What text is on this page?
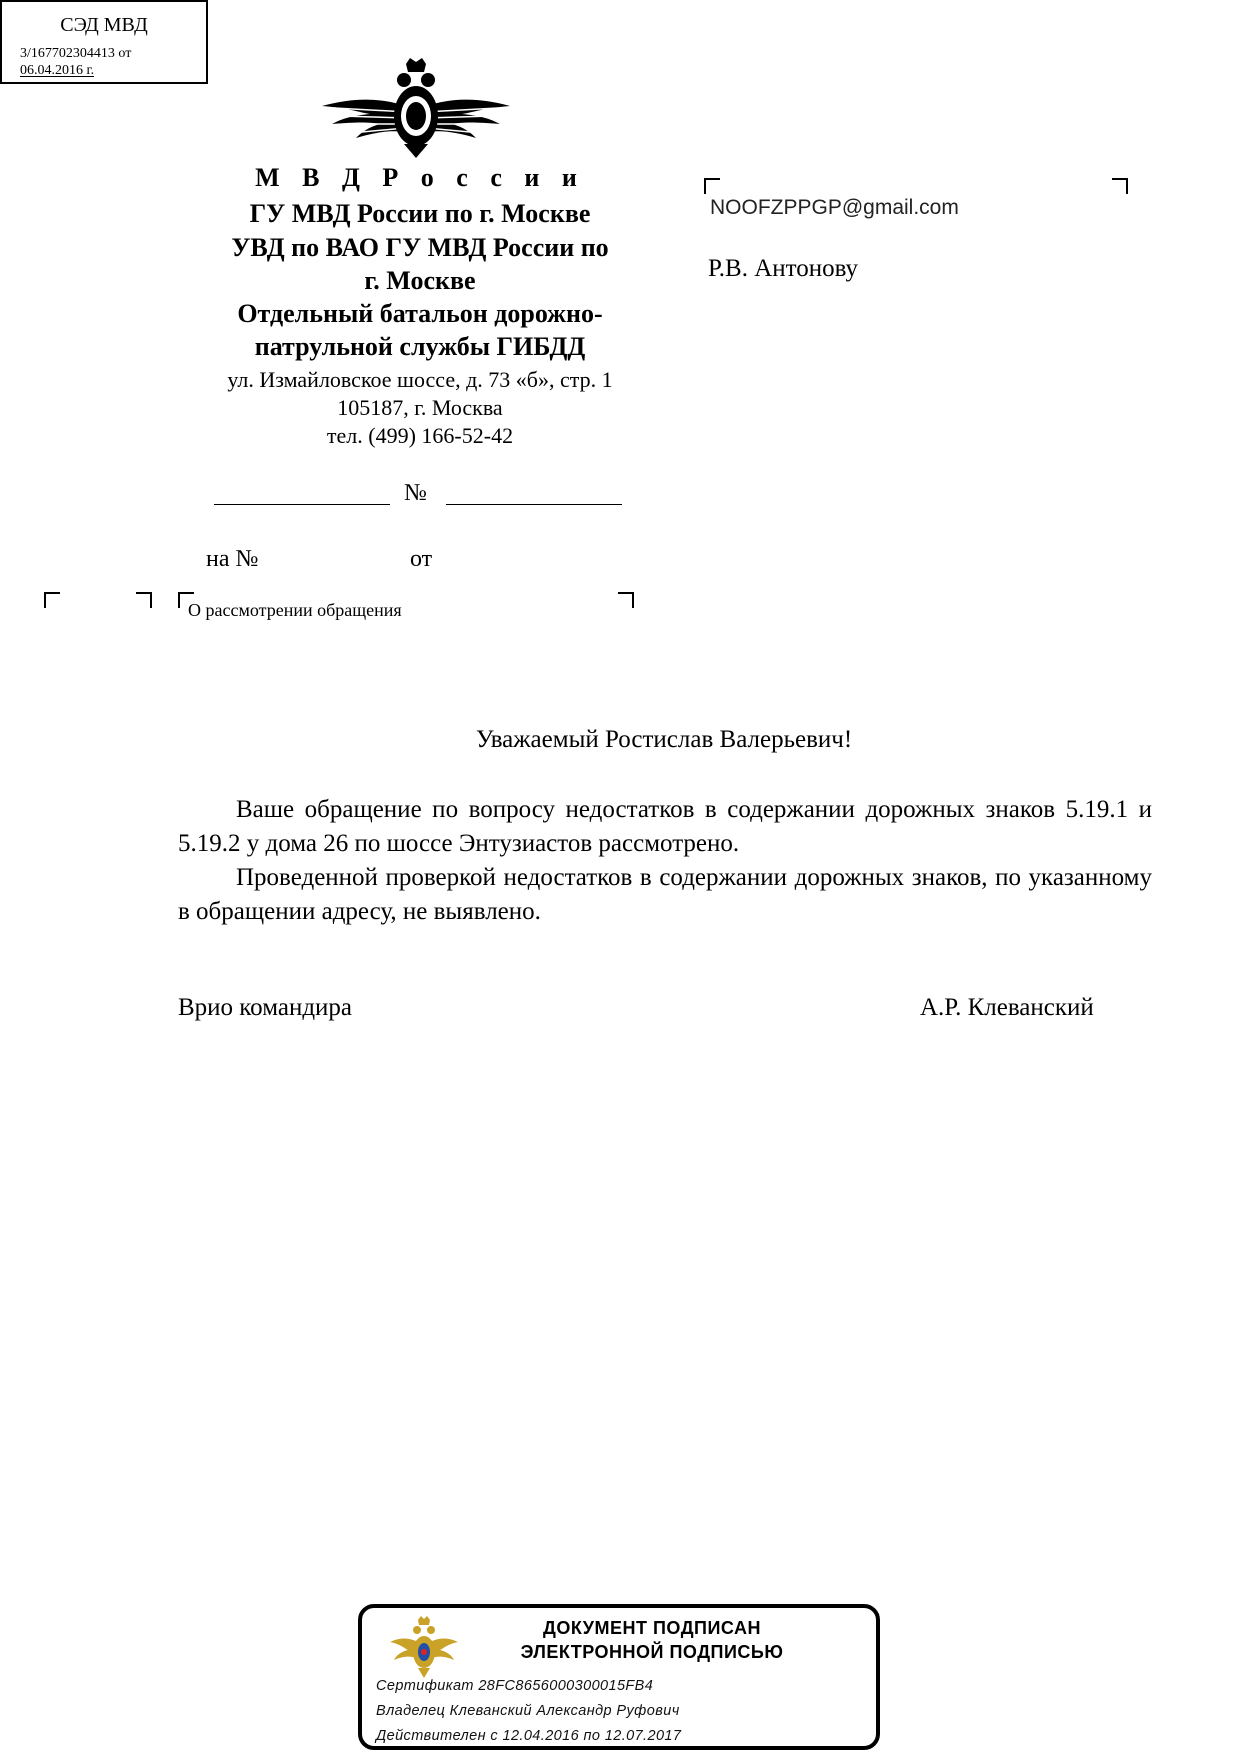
СЭД МВД
3/167702304413 от
06.04.2016 г.
М В Д Р о с с и и
ГУ МВД России по г. Москве
УВД по ВАО ГУ МВД России по
г. Москве
Отдельный батальон дорожно-
патрульной службы ГИБДД
ул. Измайловское шоссе, д. 73 «б», стр. 1
105187, г. Москва
тел. (499) 166-52-42
№
на №	от
О рассмотрении обращения
NOOFZPPGP@gmail.com
Р.В. Антонову
Уважаемый Ростислав Валерьевич!
Ваше обращение по вопросу недостатков в содержании дорожных знаков 5.19.1 и 5.19.2 у дома 26 по шоссе Энтузиастов рассмотрено.
Проведенной проверкой недостатков в содержании дорожных знаков, по указанному в обращении адресу, не выявлено.
Врио командира	А.Р. Клеванский
ДОКУМЕНТ ПОДПИСАН
ЭЛЕКТРОННОЙ ПОДПИСЬЮ
Сертификат 28FC8656000300015FB4
Владелец Клеванский Александр Руфович
Действителен с 12.04.2016 по 12.07.2017
